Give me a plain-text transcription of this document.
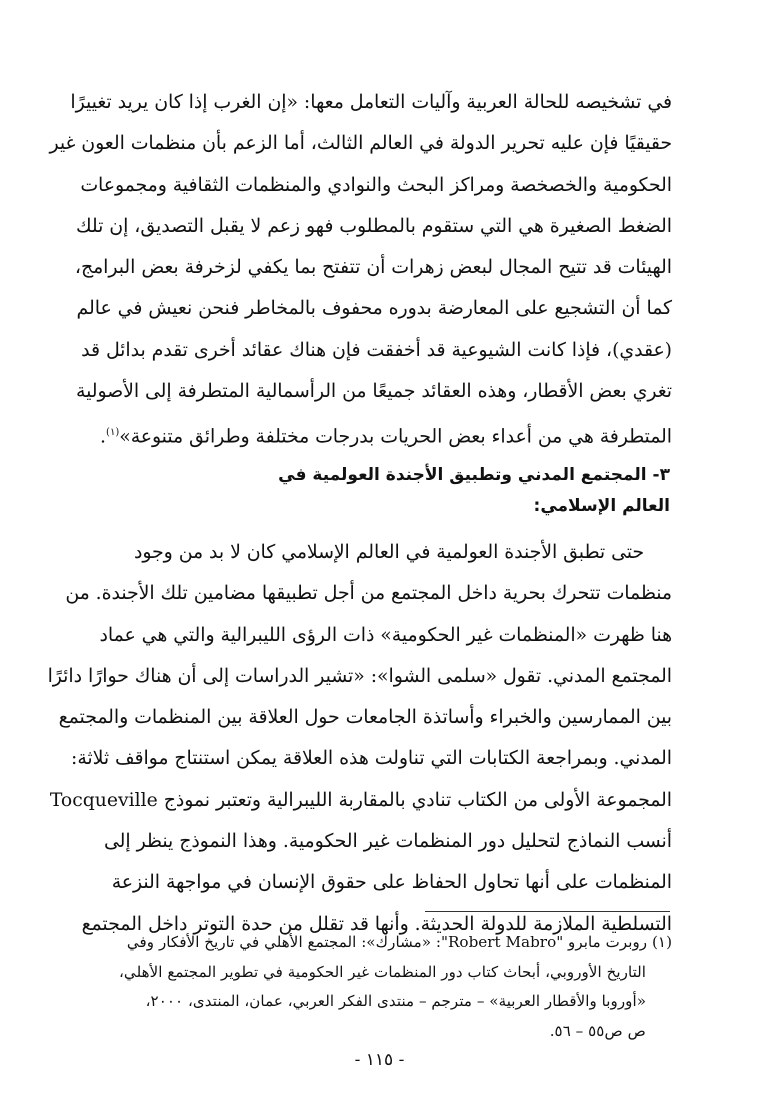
في تشخيصه للحالة العربية وآليات التعامل معها: «إن الغرب إذا كان يريد تغييرًا
حقيقيًا فإن عليه تحرير الدولة في العالم الثالث، أما الزعم بأن منظمات العون غير
الحكومية والخصخصة ومراكز البحث والنوادي والمنظمات الثقافية ومجموعات
الضغط الصغيرة هي التي ستقوم بالمطلوب فهو زعم لا يقبل التصديق، إن تلك
الهيئات قد تتيح المجال لبعض زهرات أن تتفتح بما يكفي لزخرفة بعض البرامج،
كما أن التشجيع على المعارضة بدوره محفوف بالمخاطر فنحن نعيش في عالم
(عقدي)، فإذا كانت الشيوعية قد أخفقت فإن هناك عقائد أخرى تقدم بدائل قد
تغري بعض الأقطار، وهذه العقائد جميعًا من الرأسمالية المتطرفة إلى الأصولية
المتطرفة هي من أعداء بعض الحريات بدرجات مختلفة وطرائق متنوعة»$^{(١)}$.

٣- المجتمع المدني وتطبيق الأجندة العولمية في
العالم الإسلامي:

حتى تطبق الأجندة العولمية في العالم الإسلامي كان لا بد من وجود
منظمات تتحرك بحرية داخل المجتمع من أجل تطبيقها مضامين تلك الأجندة. من
هنا ظهرت «المنظمات غير الحكومية» ذات الرؤى الليبرالية والتي هي عماد
المجتمع المدني. تقول «سلمى الشوا»: «تشير الدراسات إلى أن هناك حوارًا دائرًا
بين الممارسين والخبراء وأساتذة الجامعات حول العلاقة بين المنظمات والمجتمع
المدني. وبمراجعة الكتابات التي تناولت هذه العلاقة يمكن استنتاج مواقف ثلاثة:
المجموعة الأولى من الكتاب تنادي بالمقاربة الليبرالية وتعتبر نموذج Tocqueville
أنسب النماذج لتحليل دور المنظمات غير الحكومية. وهذا النموذج ينظر إلى
المنظمات على أنها تحاول الحفاظ على حقوق الإنسان في مواجهة النزعة
التسلطية الملازمة للدولة الحديثة. وأنها قد تقلل من حدة التوتر داخل المجتمع

(١) روبرت مابرو "Robert Mabro": «مشارك»: المجتمع الأهلي في تاريخ الأفكار وفي
التاريخ الأوروبي، أبحاث كتاب دور المنظمات غير الحكومية في تطوير المجتمع الأهلي،
«أوروبا والأقطار العربية» – مترجم – منتدى الفكر العربي، عمان، المنتدى، ٢٠٠٠،
ص ص٥٥ – ٥٦.
- ١١٥ -
